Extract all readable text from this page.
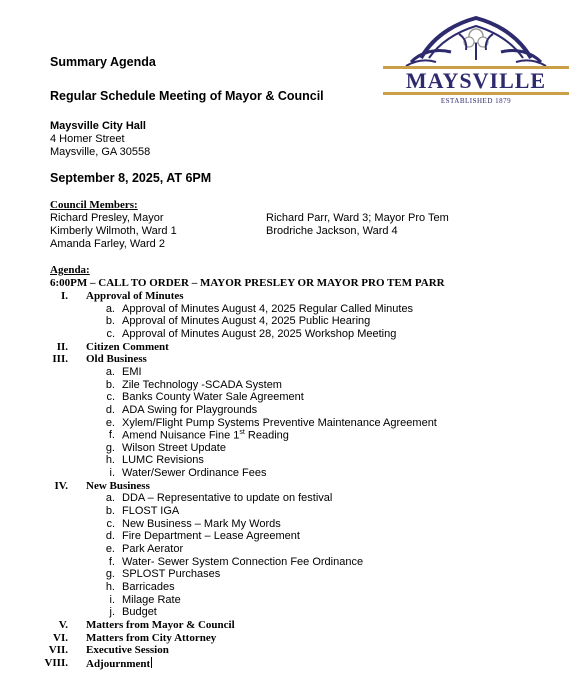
MAYSVILLE
ESTABLISHED 1879
Summary Agenda
Regular Schedule Meeting of Mayor & Council
Maysville City Hall
4 Homer Street
Maysville, GA 30558
September 8, 2025, AT 6PM
Council Members:
Richard Presley, Mayor
Kimberly Wilmoth, Ward 1
Amanda Farley, Ward 2
Richard Parr, Ward 3; Mayor Pro Tem
Brodriche Jackson, Ward 4
Agenda:
6:00PM – CALL TO ORDER – MAYOR PRESLEY OR MAYOR PRO TEM PARR
I. Approval of Minutes
a. Approval of Minutes August 4, 2025 Regular Called Minutes
b. Approval of Minutes August 4, 2025 Public Hearing
c. Approval of Minutes August 28, 2025 Workshop Meeting
II. Citizen Comment
III. Old Business
a. EMI
b. Zile Technology -SCADA System
c. Banks County Water Sale Agreement
d. ADA Swing for Playgrounds
e. Xylem/Flight Pump Systems Preventive Maintenance Agreement
f. Amend Nuisance Fine 1st Reading
g. Wilson Street Update
h. LUMC Revisions
i. Water/Sewer Ordinance Fees
IV. New Business
a. DDA – Representative to update on festival
b. FLOST IGA
c. New Business – Mark My Words
d. Fire Department – Lease Agreement
e. Park Aerator
f. Water- Sewer System Connection Fee Ordinance
g. SPLOST Purchases
h. Barricades
i. Milage Rate
j. Budget
V. Matters from Mayor & Council
VI. Matters from City Attorney
VII. Executive Session
VIII. Adjournment
